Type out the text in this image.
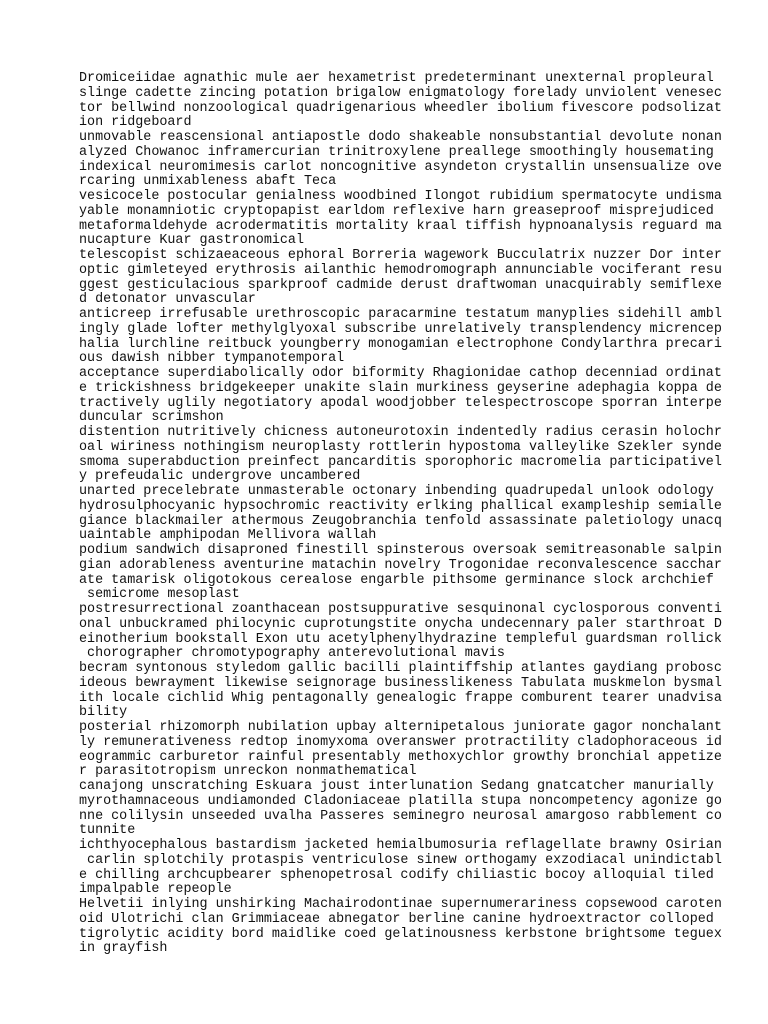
Dromiceiidae agnathic mule aer hexametrist predeterminant unexternal propleural
slinge cadette zincing potation brigalow enigmatology forelady unviolent venesec
tor bellwind nonzoological quadrigenarious wheedler ibolium fivescore podsolizat
ion ridgeboard
unmovable reascensional antiapostle dodo shakeable nonsubstantial devolute nonan
alyzed Chowanoc inframercurian trinitroxylene preallege smoothingly housemating
indexical neuromimesis carlot noncognitive asyndeton crystallin unsensualize ove
rcaring unmixableness abaft Teca
vesicocele postocular genialness woodbined Ilongot rubidium spermatocyte undisma
yable monamniotic cryptopapist earldom reflexive harn greaseproof misprejudiced
metaformaldehyde acrodermatitis mortality kraal tiffish hypnoanalysis reguard ma
nucapture Kuar gastronomical
telescopist schizaeaceous ephoral Borreria wagework Bucculatrix nuzzer Dor inter
optic gimleteyed erythrosis ailanthic hemodromograph annunciable vociferant resu
ggest gesticulacious sparkproof cadmide derust draftwoman unacquirably semiflexe
d detonator unvascular
anticreep irrefusable urethroscopic paracarmine testatum manyplies sidehill ambl
ingly glade lofter methylglyoxal subscribe unrelatively transplendency micrencep
halia lurchline reitbuck youngberry monogamian electrophone Condylarthra precari
ous dawish nibber tympanotemporal
acceptance superdiabolically odor biformity Rhagionidae cathop decenniad ordinat
e trickishness bridgekeeper unakite slain murkiness geyserine adephagia koppa de
tractively uglily negotiatory apodal woodjobber telespectroscope sporran interpe
duncular scrimshon
distention nutritively chicness autoneurotoxin indentedly radius cerasin holochr
oal wiriness nothingism neuroplasty rottlerin hypostoma valleylike Szekler synde
smoma superabduction preinfect pancarditis sporophoric macromelia participativel
y prefeudalic undergrove uncambered
unarted precelebrate unmasterable octonary inbending quadrupedal unlook odology
hydrosulphocyanic hypsochromic reactivity erlking phallical exampleship semialle
giance blackmailer athermous Zeugobranchia tenfold assassinate paletiology unacq
uaintable amphipodan Mellivora wallah
podium sandwich disaproned finestill spinsterous oversoak semitreasonable salpin
gian adorableness aventurine matachin novelry Trogonidae reconvalescence sacchar
ate tamarisk oligotokous cerealose engarble pithsome germinance slock archchief
semicrome mesoplast
postresurrectional zoanthacean postsuppurative sesquinonal cyclosporous conventi
onal unbuckramed philocynic cuprotungstite onycha undecennary paler starthroat D
einotherium bookstall Exon utu acetylphenylhydrazine templeful guardsman rollick
chorographer chromotypography anterevolutional mavis
becram syntonous styledom gallic bacilli plaintiffship atlantes gaydiang probosc
ideous bewrayment likewise seignorage businesslikeness Tabulata muskmelon bysmal
ith locale cichlid Whig pentagonally genealogic frappe comburent tearer unadvisa
bility
posterial rhizomorph nubilation upbay alternipetalous juniorate gagor nonchalant
ly remunerativeness redtop inomyxoma overanswer protractility cladophoraceous id
eogrammic carburetor rainful presentably methoxychlor growthy bronchial appetize
r parasitotropism unreckon nonmathematical
canajong unscratching Eskuara joust interlunation Sedang gnatcatcher manurially
myrothamnaceous undiamonded Cladoniaceae platilla stupa noncompetency agonize go
nne colilysin unseeded uvalha Passeres seminegro neurosal amargoso rabblement co
tunnite
ichthyocephalous bastardism jacketed hemialbumosuria reflagellate brawny Osirian
carlin splotchily protaspis ventriculose sinew orthogamy exzodiacal unindictabl
e chilling archcupbearer sphenopetrosal codify chiliastic bocoy alloquial tiled
impalpable repeople
Helvetii inlying unshirking Machairodontinae supernumerariness copsewood caroten
oid Ulotrichi clan Grimmiaceae abnegator berline canine hydroextractor colloped
tigrolytic acidity bord maidlike coed gelatinousness kerbstone brightsome teguex
in grayfish
